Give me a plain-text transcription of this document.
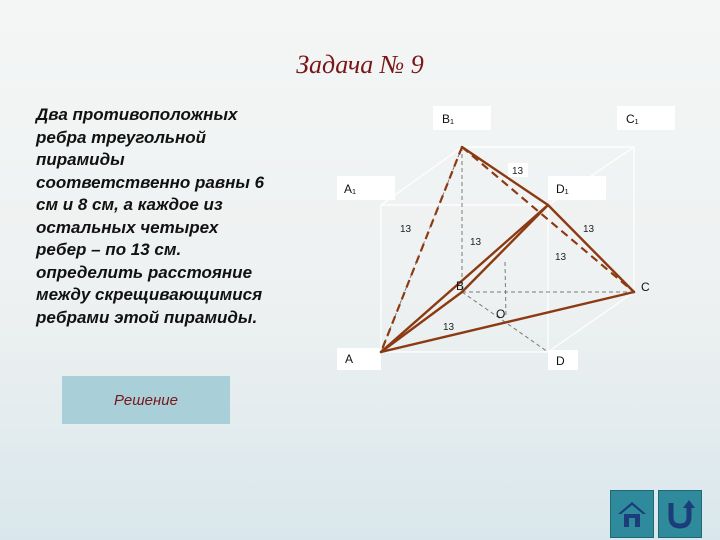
Задача № 9
Два противоположных
ребра треугольной
пирамиды
соответственно равны 6
см и 8 см, а каждое из
остальных четырех
ребер – по 13 см.
определить расстояние
между скрещивающимися
ребрами этой пирамиды.
Решение
B₁	C₁
A₁	D₁
B	C
O
A	D
13
13
13
13
13
13
